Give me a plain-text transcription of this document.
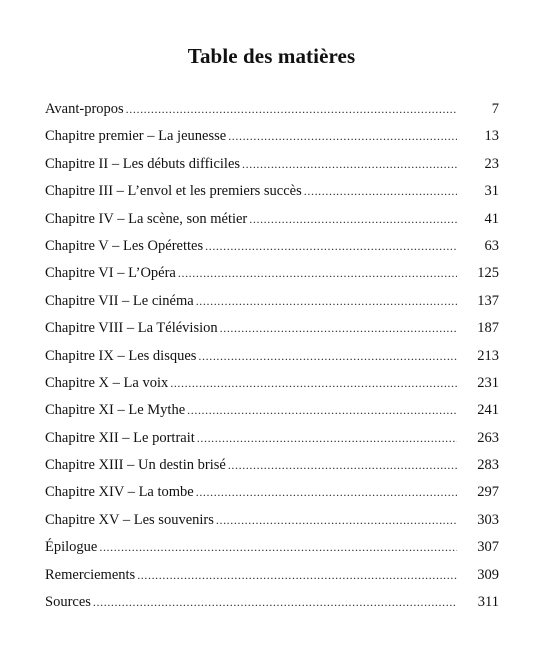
Table des matières
Avant-propos .....	7
Chapitre premier – La jeunesse .....	13
Chapitre II – Les débuts difficiles .....	23
Chapitre III – L’envol et les premiers succès .....	31
Chapitre IV – La scène, son métier .....	41
Chapitre V – Les Opérettes .....	63
Chapitre VI – L’Opéra .....	125
Chapitre VII – Le cinéma .....	137
Chapitre VIII – La Télévision .....	187
Chapitre IX – Les disques .....	213
Chapitre X – La voix .....	231
Chapitre XI – Le Mythe .....	241
Chapitre XII – Le portrait .....	263
Chapitre XIII – Un destin brisé .....	283
Chapitre XIV – La tombe .....	297
Chapitre XV – Les souvenirs .....	303
Épilogue .....	307
Remerciements .....	309
Sources .....	311
